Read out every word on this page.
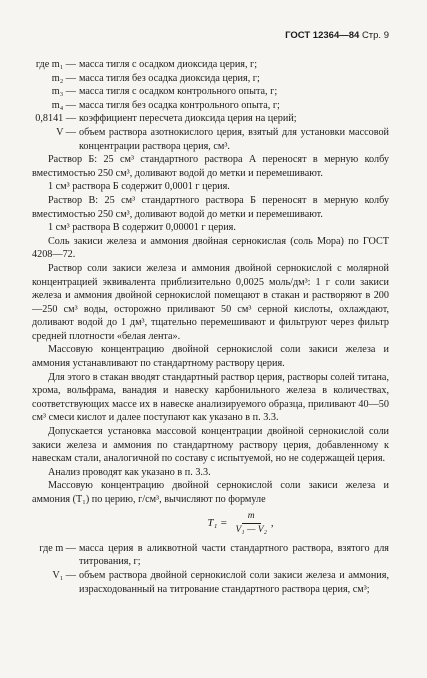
ГОСТ 12364—84 Стр. 9
где m₁ — масса тигля с осадком диоксида церия, г;
m₂ — масса тигля без осадка диоксида церия, г;
m₃ — масса тигля с осадком контрольного опыта, г;
m₄ — масса тигля без осадка контрольного опыта, г;
0,8141 — коэффициент пересчета диоксида церия на церий;
V — объем раствора азотнокислого церия, взятый для установки массовой концентрации раствора церия, см³.

Раствор Б: 25 см³ стандартного раствора А переносят в мерную колбу вместимостью 250 см³, доливают водой до метки и перемешивают.

1 см³ раствора Б содержит 0,0001 г церия.

Раствор В: 25 см³ стандартного раствора Б переносят в мерную колбу вместимостью 250 см³, доливают водой до метки и перемешивают.

1 см³ раствора В содержит 0,00001 г церия.

Соль закиси железа и аммония двойная сернокислая (соль Мора) по ГОСТ 4208—72.

Раствор соли закиси железа и аммония двойной сернокислой с молярной концентрацией эквивалента приблизительно 0,0025 моль/дм³: 1 г соли закиси железа и аммония двойной сернокислой помещают в стакан и растворяют в 200—250 см³ воды, осторожно приливают 50 см³ серной кислоты, охлаждают, доливают водой до 1 дм³, тщательно перемешивают и фильтруют через фильтр средней плотности «белая лента».

Массовую концентрацию двойной сернокислой соли закиси железа и аммония устанавливают по стандартному раствору церия.

Для этого в стакан вводят стандартный раствор церия, растворы солей титана, хрома, вольфрама, ванадия и навеску карбонильного железа в количествах, соответствующих массе их в навеске анализируемого образца, приливают 40—50 см³ смеси кислот и далее поступают как указано в п. 3.3.

Допускается установка массовой концентрации двойной сернокислой соли закиси железа и аммония по стандартному раствору церия, добавленному к навескам стали, аналогичной по составу с испытуемой, но не содержащей церия.

Анализ проводят как указано в п. 3.3.

Массовую концентрацию двойной сернокислой соли закиси железа и аммония (T₁) по церию, г/см³, вычисляют по формуле

$T_1 = \frac{m}{\text{V₁ — V₂}}$ ,
где m — масса церия в аликвотной части стандартного раствора, взятого для титрования, г;
V₁ — объем раствора двойной сернокислой соли закиси железа и аммония, израсходованный на титрование стандартного раствора церия, см³;
